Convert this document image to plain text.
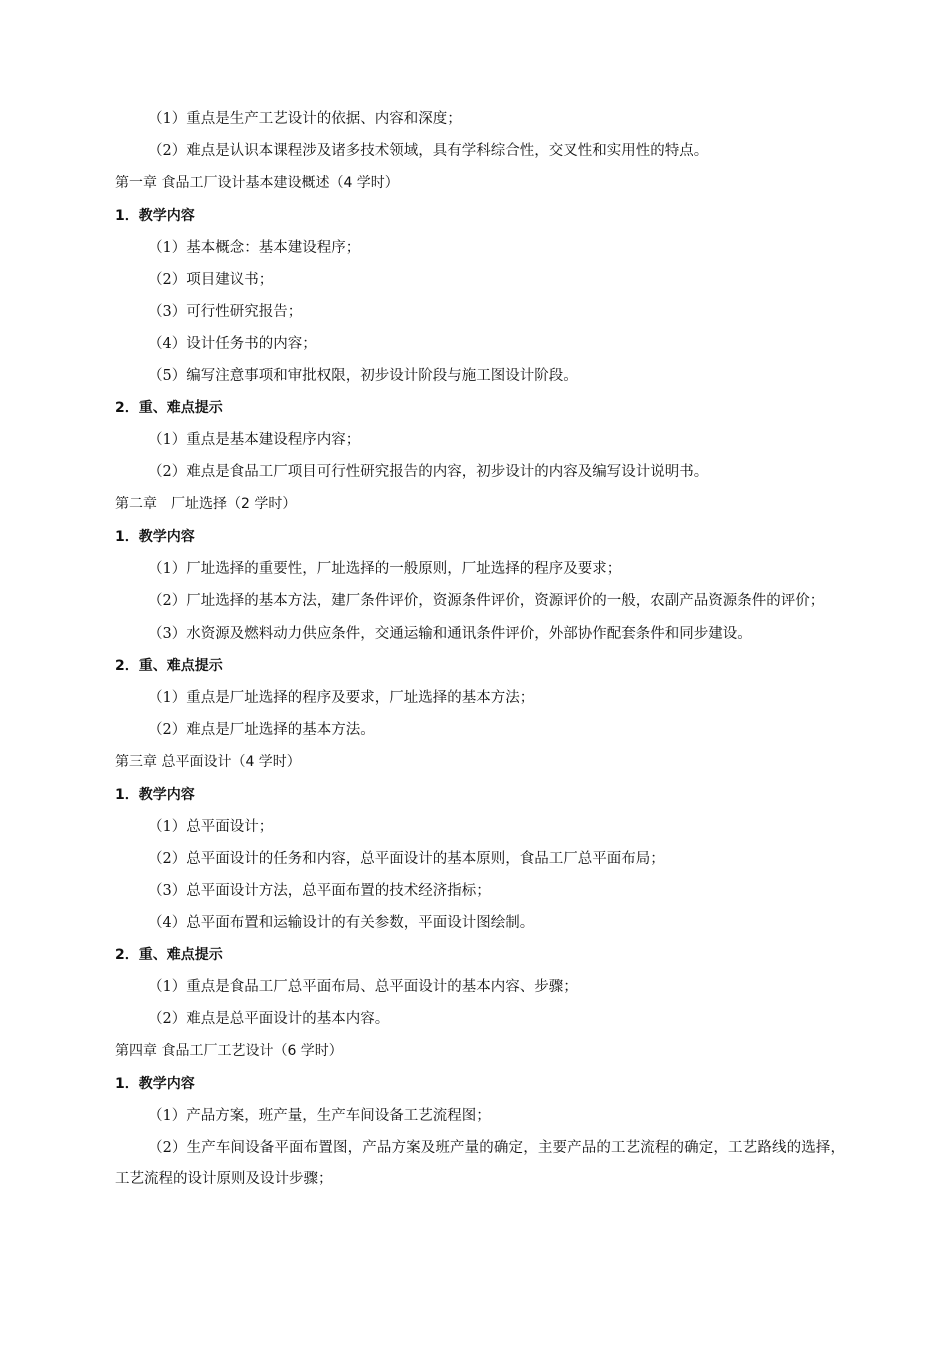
（1）重点是生产工艺设计的依据、内容和深度；
（2）难点是认识本课程涉及诸多技术领域，具有学科综合性，交叉性和实用性的特点。
第一章 食品工厂设计基本建设概述（4 学时）
1．教学内容
（1）基本概念：基本建设程序；
（2）项目建议书；
（3）可行性研究报告；
（4）设计任务书的内容；
（5）编写注意事项和审批权限，初步设计阶段与施工图设计阶段。
2．重、难点提示
（1）重点是基本建设程序内容；
（2）难点是食品工厂项目可行性研究报告的内容，初步设计的内容及编写设计说明书。
第二章　厂址选择（2 学时）
1．教学内容
（1）厂址选择的重要性，厂址选择的一般原则，厂址选择的程序及要求；
（2）厂址选择的基本方法，建厂条件评价，资源条件评价，资源评价的一般，农副产品资源条件的评价；
（3）水资源及燃料动力供应条件，交通运输和通讯条件评价，外部协作配套条件和同步建设。
2．重、难点提示
（1）重点是厂址选择的程序及要求，厂址选择的基本方法；
（2）难点是厂址选择的基本方法。
第三章 总平面设计（4 学时）
1．教学内容
（1）总平面设计；
（2）总平面设计的任务和内容，总平面设计的基本原则，食品工厂总平面布局；
（3）总平面设计方法，总平面布置的技术经济指标；
（4）总平面布置和运输设计的有关参数，平面设计图绘制。
2．重、难点提示
（1）重点是食品工厂总平面布局、总平面设计的基本内容、步骤；
（2）难点是总平面设计的基本内容。
第四章 食品工厂工艺设计（6 学时）
1．教学内容
（1）产品方案，班产量，生产车间设备工艺流程图；
（2）生产车间设备平面布置图，产品方案及班产量的确定，主要产品的工艺流程的确定，工艺路线的选择，工艺流程的设计原则及设计步骤；
